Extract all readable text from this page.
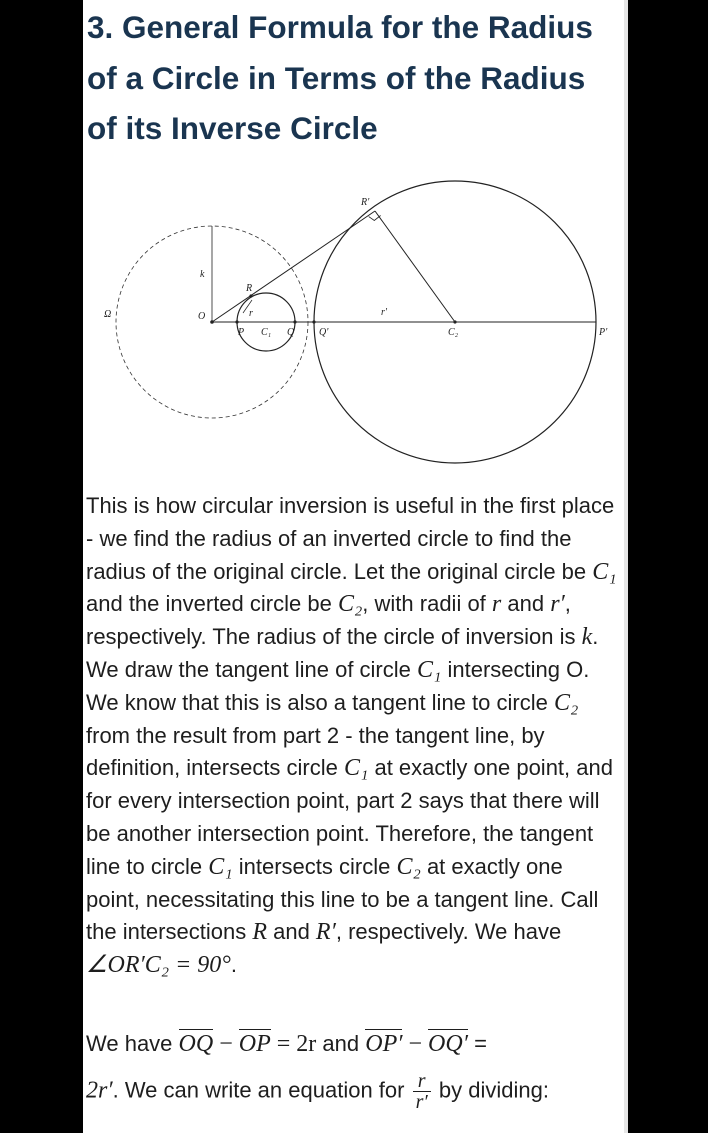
3. General Formula for the Radius of a Circle in Terms of the Radius of its Inverse Circle
R'
k
R
Ω	O	r	r'
P C₁ Q Q'	C₂	P'

This is how circular inversion is useful in the first place - we find the radius of an inverted circle to find the radius of the original circle. Let the original circle be C₁ and the inverted circle be C₂, with radii of r and r′, respectively. The radius of the circle of inversion is k. We draw the tangent line of circle C₁ intersecting O. We know that this is also a tangent line to circle C₂ from the result from part 2 - the tangent line, by definition, intersects circle C₁ at exactly one point, and for every intersection point, part 2 says that there will be another intersection point. Therefore, the tangent line to circle C₁ intersects circle C₂ at exactly one point, necessitating this line to be a tangent line. Call the intersections R and R′, respectively. We have ∠OR′C₂ = 90°.

We have OQ − OP = 2r and OP′ − OQ′ =

2r′. We can write an equation for $\frac{r}{r'}$ by dividing:
